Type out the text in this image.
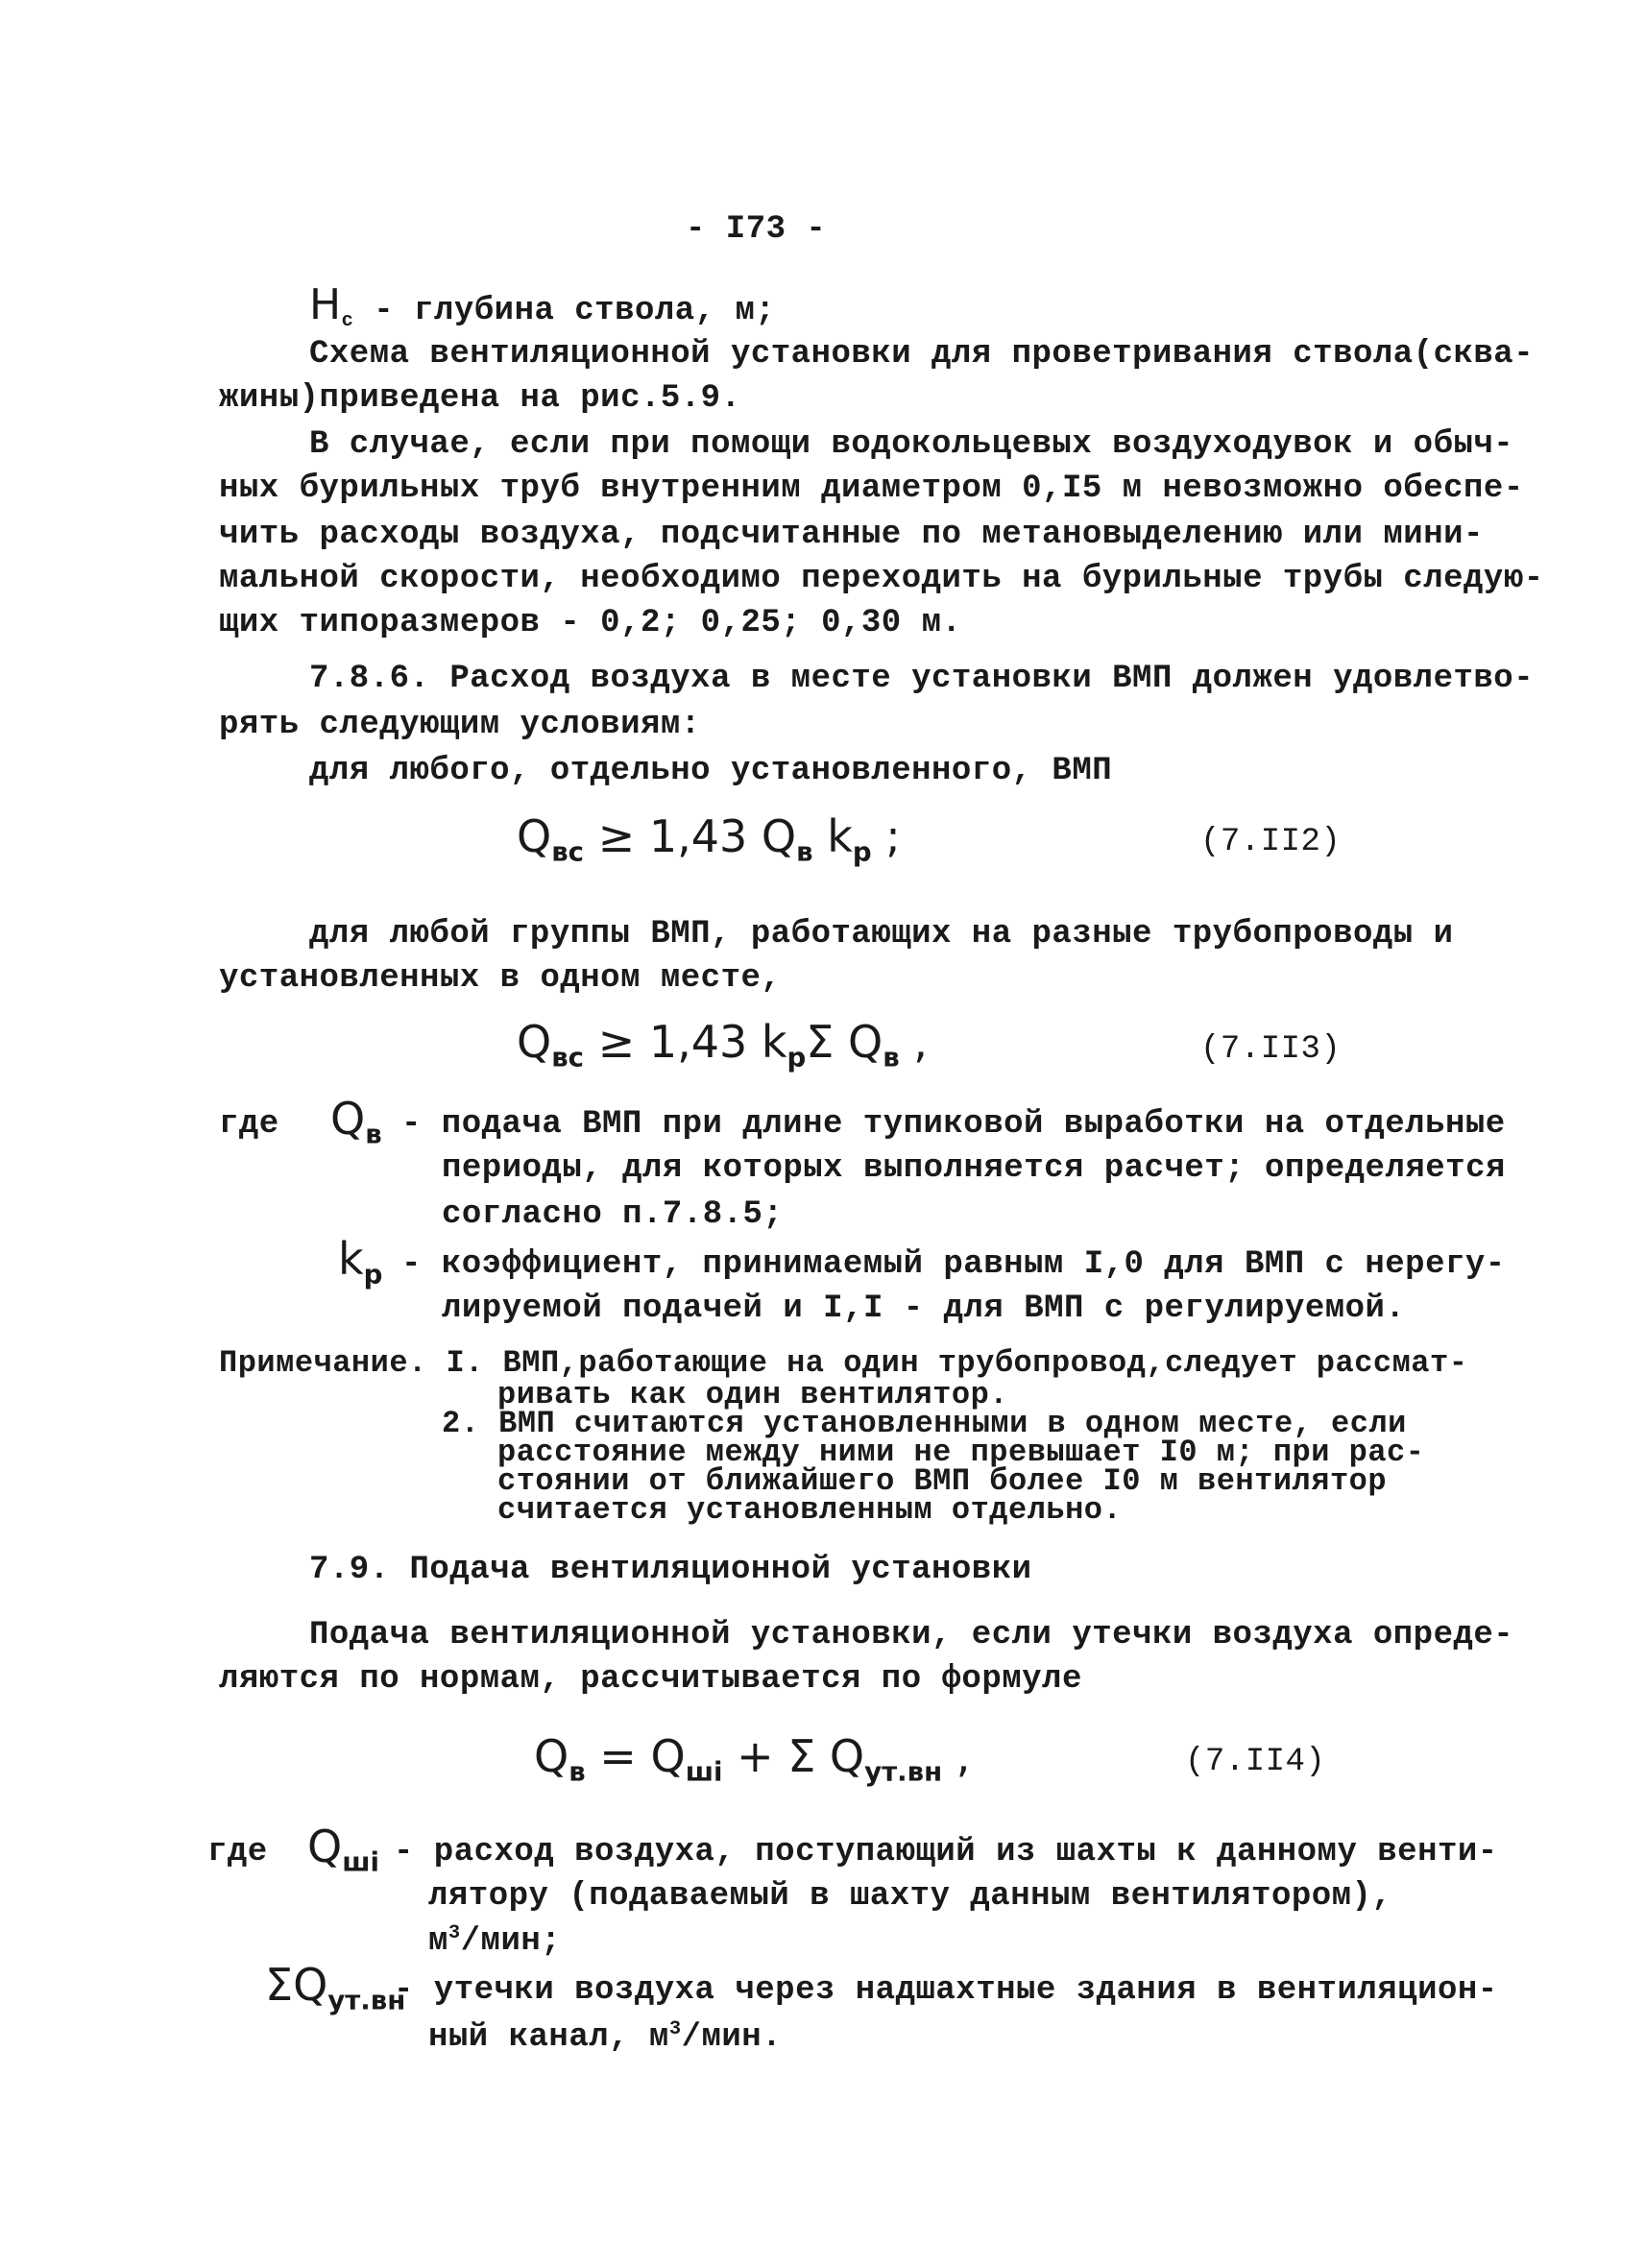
- I73 -
$H_с$ - глубина ствола, м;
Схема вентиляционной установки для проветривания ствола(сква-
жины)приведена на рис.5.9.
В случае, если при помощи водокольцевых воздуходувок и обыч-
ных бурильных труб внутренним диаметром 0,I5 м невозможно обеспе-
чить расходы воздуха, подсчитанные по метановыделению или мини-
мальной скорости, необходимо переходить на бурильные трубы следую-
щих типоразмеров - 0,2; 0,25; 0,30 м.
7.8.6. Расход воздуха в месте установки ВМП должен удовлетво-
рять следующим условиям:
для любого, отдельно установленного, ВМП
$Q_{вс} \ge 1,43$ $Q_в$ $k_р$ ;	(7.II2)
для любой группы ВМП, работающих на разные трубопроводы и
установленных в одном месте,
$Q_{вс} \ge 1,43$ $k_р\Sigma$ $Q_в$ ,	(7.II3)
где $Q_в$ - подача ВМП при длине тупиковой выработки на отдельные
периоды, для которых выполняется расчет; определяется
согласно п.7.8.5;
$k_р$ - коэффициент, принимаемый равным I,0 для ВМП с нерегу-
лируемой подачей и I,I - для ВМП с регулируемой.
Примечание. I. ВМП,работающие на один трубопровод,следует рассмат-
ривать как один вентилятор.
2. ВМП считаются установленными в одном месте, если
расстояние между ними не превышает I0 м; при рас-
стоянии от ближайшего ВМП более I0 м вентилятор
считается установленным отдельно.
7.9. Подача вентиляционной установки
Подача вентиляционной установки, если утечки воздуха опреде-
ляются по нормам, рассчитывается по формуле
$Q_в = Q_{шi} + \Sigma$ $Q_{ут.вн}$ ,	(7.II4)
где $Q_{шi}$ - расход воздуха, поступающий из шахты к данному венти-
лятору (подаваемый в шахту данным вентилятором),
$м^3$/мин;
$\Sigma Q_{ут.вн}$
- утечки воздуха через надшахтные здания в вентиляцион-
ный канал, $м^3$/мин.
